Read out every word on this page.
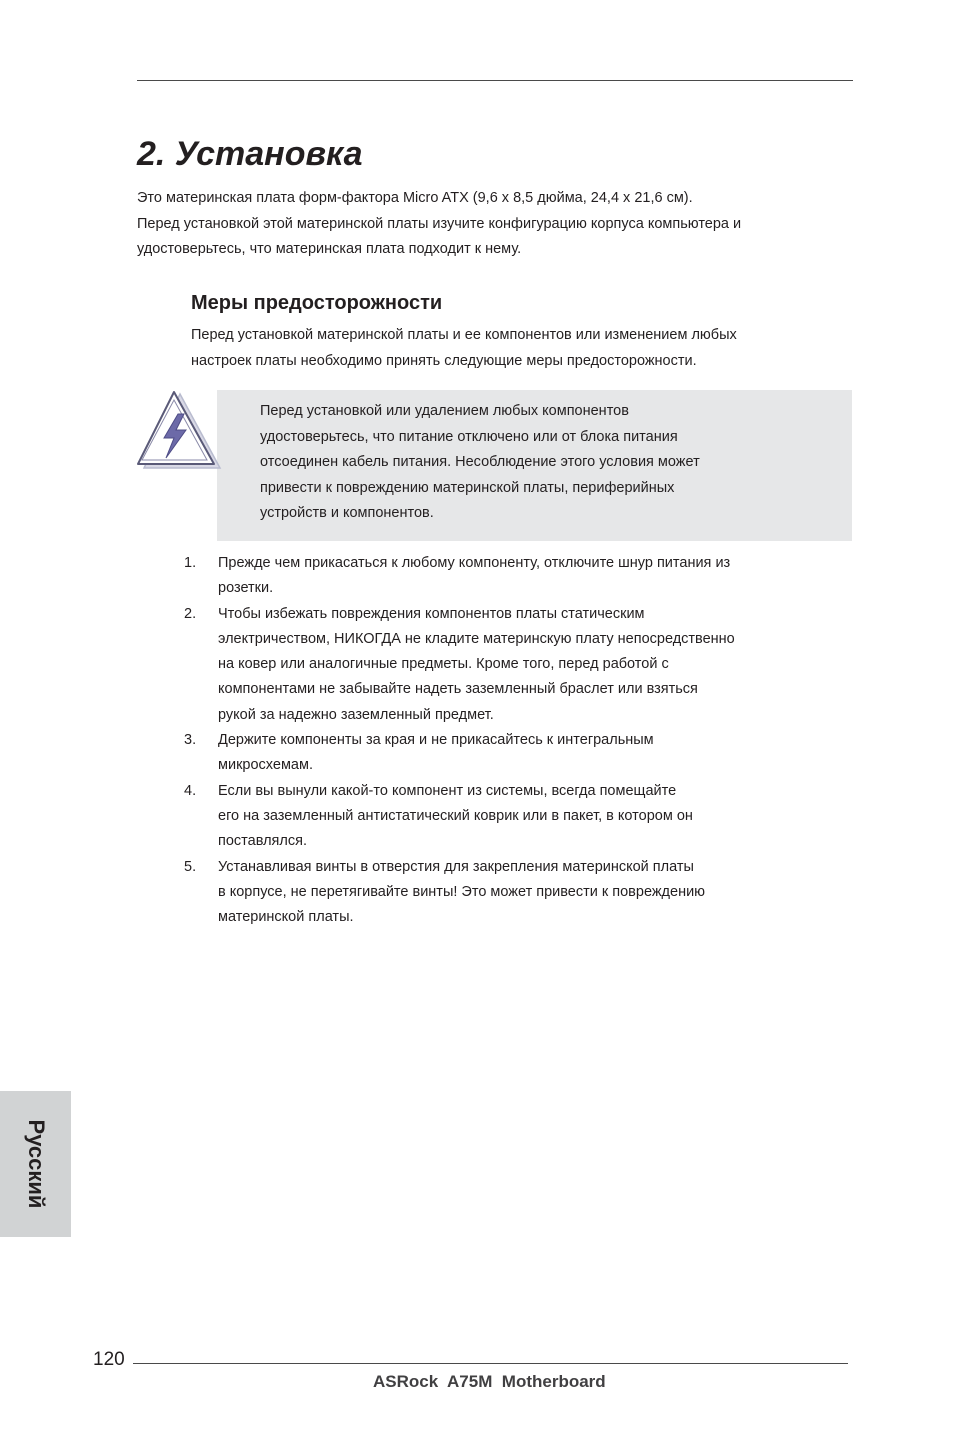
2. Установка

Это материнская плата форм-фактора Micro ATX (9,6 x 8,5 дюйма, 24,4 x 21,6 см).

Перед установкой этой материнской платы изучите конфигурацию корпуса компьютера и

удостоверьтесь, что материнская плата подходит к нему.

Меры предосторожности

Перед установкой материнской платы и ее компонентов или изменением любых

настроек платы необходимо принять следующие меры предосторожности.

Перед установкой или удалением любых компонентов

удостоверьтесь, что питание отключено или от блока питания

отсоединен кабель питания. Несоблюдение этого условия может

привести к повреждению материнской платы, периферийных

устройств и компонентов.

1. Прежде чем прикасаться к любому компоненту, отключите шнур питания из
розетки.
2. Чтобы избежать повреждения компонентов платы статическим
электричеством, НИКОГДА не кладите материнскую плату непосредственно
на ковер или аналогичные предметы. Кроме того, перед работой с
компонентами не забывайте надеть заземленный браслет или взяться
рукой за надежно заземленный предмет.
3. Держите компоненты за края и не прикасайтесь к интегральным
микросхемам.
4. Если вы вынули какой-то компонент из системы, всегда помещайте
его на заземленный антистатический коврик или в пакет, в котором он
поставлялся.
5. Устанавливая винты в отверстия для закрепления материнской платы
в корпусе, не перетягивайте винты! Это может привести к повреждению
материнской платы.
Русский
120
ASRock  A75M  Motherboard
